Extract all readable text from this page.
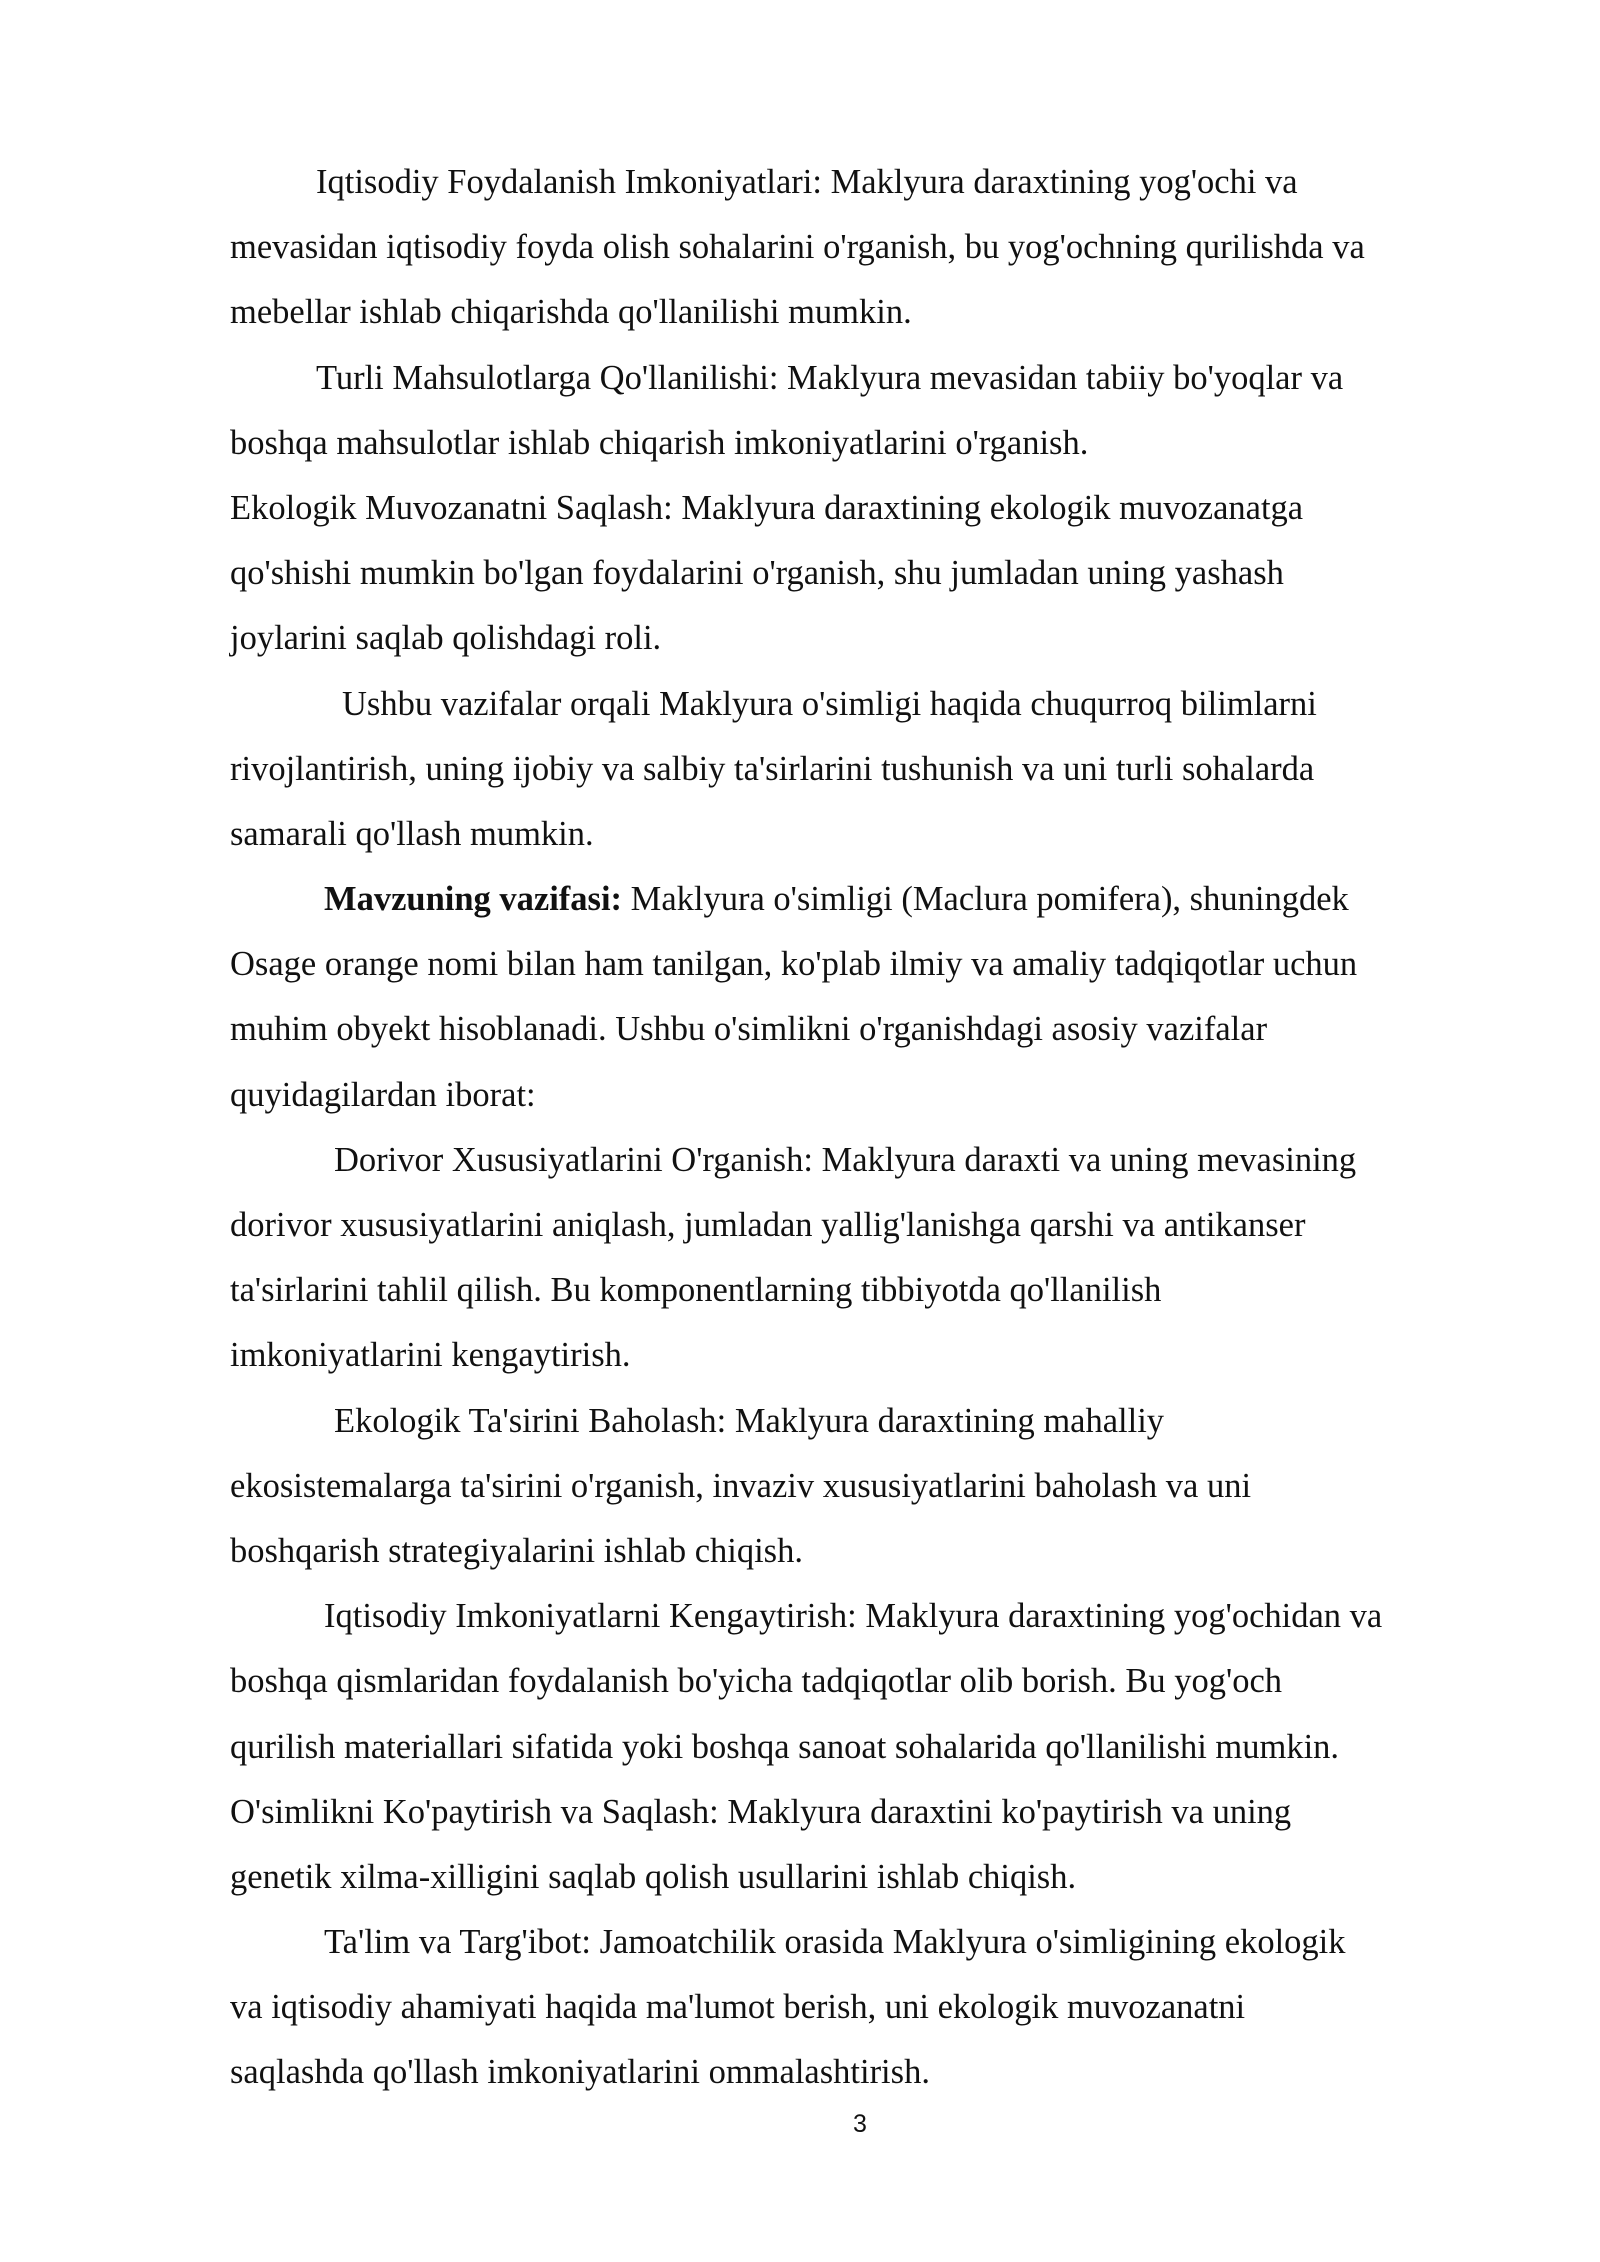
Iqtisodiy Foydalanish Imkoniyatlari: Maklyura daraxtining yog'ochi va
mevasidan iqtisodiy foyda olish sohalarini o'rganish, bu yog'ochning qurilishda va
mebellar ishlab chiqarishda qo'llanilishi mumkin.
Turli Mahsulotlarga Qo'llanilishi: Maklyura mevasidan tabiiy bo'yoqlar va
boshqa mahsulotlar ishlab chiqarish imkoniyatlarini o'rganish.
Ekologik Muvozanatni Saqlash: Maklyura daraxtining ekologik muvozanatga
qo'shishi mumkin bo'lgan foydalarini o'rganish, shu jumladan uning yashash
joylarini saqlab qolishdagi roli.
Ushbu vazifalar orqali Maklyura o'simligi haqida chuqurroq bilimlarni
rivojlantirish, uning ijobiy va salbiy ta'sirlarini tushunish va uni turli sohalarda
samarali qo'llash mumkin.
Mavzuning vazifasi: Maklyura o'simligi (Maclura pomifera), shuningdek
Osage orange nomi bilan ham tanilgan, ko'plab ilmiy va amaliy tadqiqotlar uchun
muhim obyekt hisoblanadi. Ushbu o'simlikni o'rganishdagi asosiy vazifalar
quyidagilardan iborat:
Dorivor Xususiyatlarini O'rganish: Maklyura daraxti va uning mevasining
dorivor xususiyatlarini aniqlash, jumladan yallig'lanishga qarshi va antikanser
ta'sirlarini tahlil qilish. Bu komponentlarning tibbiyotda qo'llanilish
imkoniyatlarini kengaytirish.
Ekologik Ta'sirini Baholash: Maklyura daraxtining mahalliy
ekosistemalarga ta'sirini o'rganish, invaziv xususiyatlarini baholash va uni
boshqarish strategiyalarini ishlab chiqish.
Iqtisodiy Imkoniyatlarni Kengaytirish: Maklyura daraxtining yog'ochidan va
boshqa qismlaridan foydalanish bo'yicha tadqiqotlar olib borish. Bu yog'och
qurilish materiallari sifatida yoki boshqa sanoat sohalarida qo'llanilishi mumkin.
O'simlikni Ko'paytirish va Saqlash: Maklyura daraxtini ko'paytirish va uning
genetik xilma-xilligini saqlab qolish usullarini ishlab chiqish.
Ta'lim va Targ'ibot: Jamoatchilik orasida Maklyura o'simligining ekologik
va iqtisodiy ahamiyati haqida ma'lumot berish, uni ekologik muvozanatni
saqlashda qo'llash imkoniyatlarini ommalashtirish.
3
